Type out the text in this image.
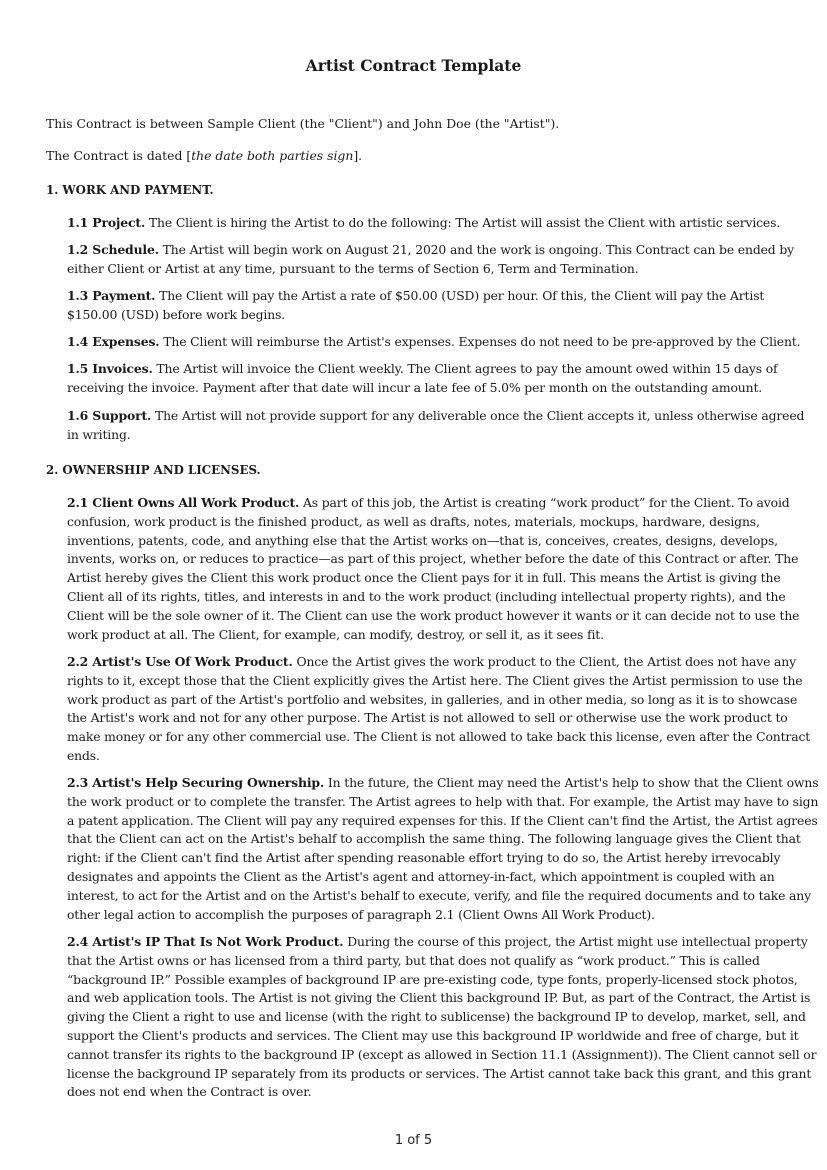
Artist Contract Template
This Contract is between Sample Client (the "Client") and John Doe (the "Artist").
The Contract is dated [the date both parties sign].
1. WORK AND PAYMENT.
1.1 Project. The Client is hiring the Artist to do the following: The Artist will assist the Client with artistic services.
1.2 Schedule. The Artist will begin work on August 21, 2020 and the work is ongoing. This Contract can be ended by
either Client or Artist at any time, pursuant to the terms of Section 6, Term and Termination.
1.3 Payment. The Client will pay the Artist a rate of $50.00 (USD) per hour. Of this, the Client will pay the Artist
$150.00 (USD) before work begins.
1.4 Expenses. The Client will reimburse the Artist's expenses. Expenses do not need to be pre-approved by the Client.
1.5 Invoices. The Artist will invoice the Client weekly. The Client agrees to pay the amount owed within 15 days of
receiving the invoice. Payment after that date will incur a late fee of 5.0% per month on the outstanding amount.
1.6 Support. The Artist will not provide support for any deliverable once the Client accepts it, unless otherwise agreed
in writing.
2. OWNERSHIP AND LICENSES.
2.1 Client Owns All Work Product. As part of this job, the Artist is creating “work product” for the Client. To avoid
confusion, work product is the finished product, as well as drafts, notes, materials, mockups, hardware, designs,
inventions, patents, code, and anything else that the Artist works on—that is, conceives, creates, designs, develops,
invents, works on, or reduces to practice—as part of this project, whether before the date of this Contract or after. The
Artist hereby gives the Client this work product once the Client pays for it in full. This means the Artist is giving the
Client all of its rights, titles, and interests in and to the work product (including intellectual property rights), and the
Client will be the sole owner of it. The Client can use the work product however it wants or it can decide not to use the
work product at all. The Client, for example, can modify, destroy, or sell it, as it sees fit.
2.2 Artist's Use Of Work Product. Once the Artist gives the work product to the Client, the Artist does not have any
rights to it, except those that the Client explicitly gives the Artist here. The Client gives the Artist permission to use the
work product as part of the Artist's portfolio and websites, in galleries, and in other media, so long as it is to showcase
the Artist's work and not for any other purpose. The Artist is not allowed to sell or otherwise use the work product to
make money or for any other commercial use. The Client is not allowed to take back this license, even after the Contract
ends.
2.3 Artist's Help Securing Ownership. In the future, the Client may need the Artist's help to show that the Client owns
the work product or to complete the transfer. The Artist agrees to help with that. For example, the Artist may have to sign
a patent application. The Client will pay any required expenses for this. If the Client can't find the Artist, the Artist agrees
that the Client can act on the Artist's behalf to accomplish the same thing. The following language gives the Client that
right: if the Client can't find the Artist after spending reasonable effort trying to do so, the Artist hereby irrevocably
designates and appoints the Client as the Artist's agent and attorney-in-fact, which appointment is coupled with an
interest, to act for the Artist and on the Artist's behalf to execute, verify, and file the required documents and to take any
other legal action to accomplish the purposes of paragraph 2.1 (Client Owns All Work Product).
2.4 Artist's IP That Is Not Work Product. During the course of this project, the Artist might use intellectual property
that the Artist owns or has licensed from a third party, but that does not qualify as “work product.” This is called
“background IP.” Possible examples of background IP are pre-existing code, type fonts, properly-licensed stock photos,
and web application tools. The Artist is not giving the Client this background IP. But, as part of the Contract, the Artist is
giving the Client a right to use and license (with the right to sublicense) the background IP to develop, market, sell, and
support the Client's products and services. The Client may use this background IP worldwide and free of charge, but it
cannot transfer its rights to the background IP (except as allowed in Section 11.1 (Assignment)). The Client cannot sell or
license the background IP separately from its products or services. The Artist cannot take back this grant, and this grant
does not end when the Contract is over.
1 of 5
